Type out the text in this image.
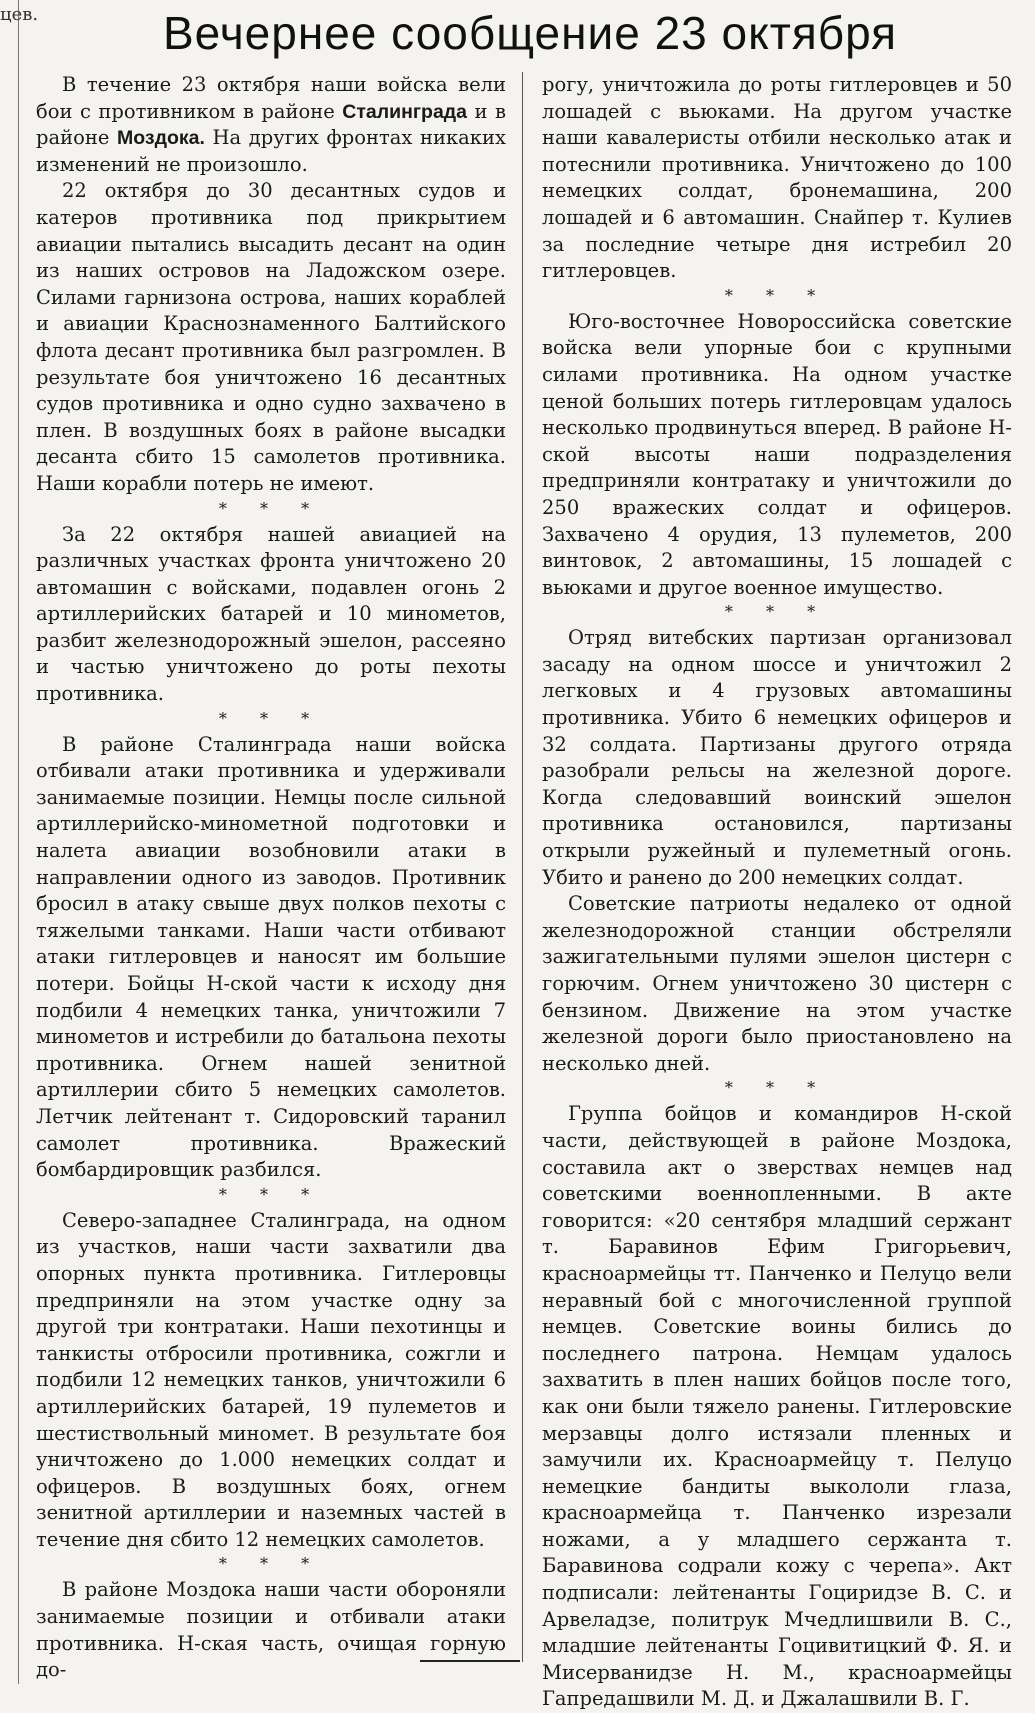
цев.	Вечернее сообщение 23 октября

В течение 23 октября наши войска вели бои с противником в районе Сталинграда и в районе Моздока. На других фронтах никаких изменений не произошло.

22 октября до 30 десантных судов и катеров противника под прикрытием авиации пытались высадить десант на один из наших островов на Ладожском озере. Силами гарнизона острова, наших кораблей и авиации Краснознаменного Балтийского флота десант противника был разгромлен. В результате боя уничтожено 16 десантных судов противника и одно судно захвачено в плен. В воздушных боях в районе высадки десанта сбито 15 самолетов противника. Наши корабли потерь не имеют.

* * *

За 22 октября нашей авиацией на различных участках фронта уничтожено 20 автомашин с войсками, подавлен огонь 2 артиллерийских батарей и 10 минометов, разбит железнодорожный эшелон, рассеяно и частью уничтожено до роты пехоты противника.

* * *

В районе Сталинграда наши войска отбивали атаки противника и удерживали занимаемые позиции. Немцы после сильной артиллерийско-минометной подготовки и налета авиации возобновили атаки в направлении одного из заводов. Противник бросил в атаку свыше двух полков пехоты с тяжелыми танками. Наши части отбивают атаки гитлеровцев и наносят им большие потери. Бойцы Н-ской части к исходу дня подбили 4 немецких танка, уничтожили 7 минометов и истребили до батальона пехоты противника. Огнем нашей зенитной артиллерии сбито 5 немецких самолетов. Летчик лейтенант т. Сидоровский таранил самолет противника. Вражеский бомбардировщик разбился.

* * *

Северо-западнее Сталинграда, на одном из участков, наши части захватили два опорных пункта противника. Гитлеровцы предприняли на этом участке одну за другой три контратаки. Наши пехотинцы и танкисты отбросили противника, сожгли и подбили 12 немецких танков, уничтожили 6 артиллерийских батарей, 19 пулеметов и шестиствольный миномет. В результате боя уничтожено до 1.000 немецких солдат и офицеров. В воздушных боях, огнем зенитной артиллерии и наземных частей в течение дня сбито 12 немецких самолетов.

* * *

В районе Моздока наши части обороняли занимаемые позиции и отбивали атаки противника. Н-ская часть, очищая горную до-

рогу, уничтожила до роты гитлеровцев и 50 лошадей с вьюками. На другом участке наши кавалеристы отбили несколько атак и потеснили противника. Уничтожено до 100 немецких солдат, бронемашина, 200 лошадей и 6 автомашин. Снайпер т. Кулиев за последние четыре дня истребил 20 гитлеровцев.

* * *

Юго-восточнее Новороссийска советские войска вели упорные бои с крупными силами противника. На одном участке ценой больших потерь гитлеровцам удалось несколько продвинуться вперед. В районе Н-ской высоты наши подразделения предприняли контратаку и уничтожили до 250 вражеских солдат и офицеров. Захвачено 4 орудия, 13 пулеметов, 200 винтовок, 2 автомашины, 15 лошадей с вьюками и другое военное имущество.

* * *

Отряд витебских партизан организовал засаду на одном шоссе и уничтожил 2 легковых и 4 грузовых автомашины противника. Убито 6 немецких офицеров и 32 солдата. Партизаны другого отряда разобрали рельсы на железной дороге. Когда следовавший воинский эшелон противника остановился, партизаны открыли ружейный и пулеметный огонь. Убито и ранено до 200 немецких солдат.

Советские патриоты недалеко от одной железнодорожной станции обстреляли зажигательными пулями эшелон цистерн с горючим. Огнем уничтожено 30 цистерн с бензином. Движение на этом участке железной дороги было приостановлено на несколько дней.

* * *

Группа бойцов и командиров Н-ской части, действующей в районе Моздока, составила акт о зверствах немцев над советскими военнопленными. В акте говорится: «20 сентября младший сержант т. Баравинов Ефим Григорьевич, красноармейцы тт. Панченко и Пелуцо вели неравный бой с многочисленной группой немцев. Советские воины бились до последнего патрона. Немцам удалось захватить в плен наших бойцов после того, как они были тяжело ранены. Гитлеровские мерзавцы долго истязали пленных и замучили их. Красноармейцу т. Пелуцо немецкие бандиты выкололи глаза, красноармейца т. Панченко изрезали ножами, а у младшего сержанта т. Баравинова содрали кожу с черепа». Акт подписали: лейтенанты Гоциридзе В. С. и Арвеладзе, политрук Мчедлишвили В. С., младшие лейтенанты Гоцивитицкий Ф. Я. и Мисерванидзе Н. М., красноармейцы Гапредашвили М. Д. и Джалашвили В. Г.
